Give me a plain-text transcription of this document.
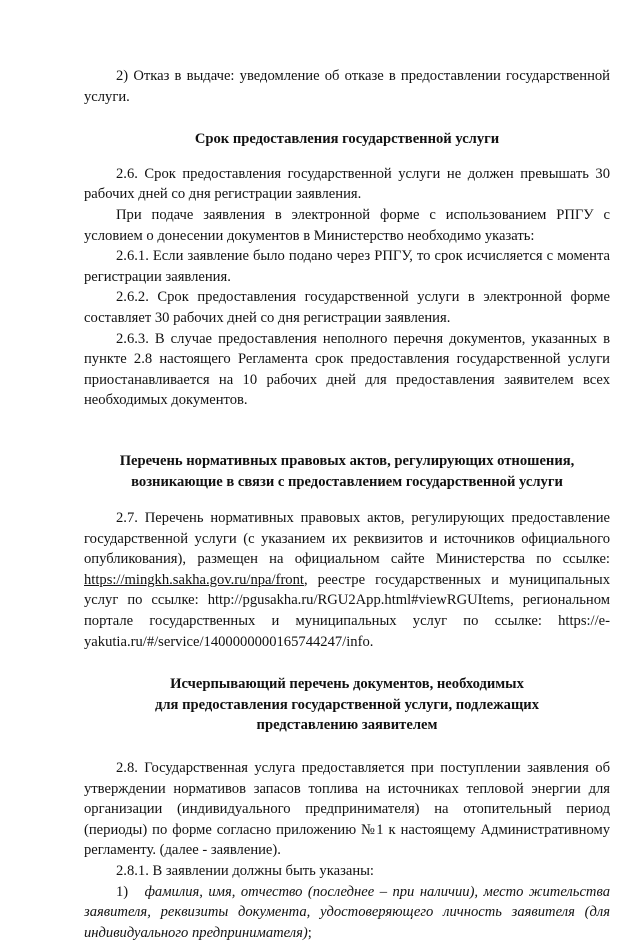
2) Отказ в выдаче: уведомление об отказе в предоставлении государственной услуги.

Срок предоставления государственной услуги

2.6. Срок предоставления государственной услуги не должен превышать 30 рабочих дней со дня регистрации заявления.

При подаче заявления в электронной форме с использованием РПГУ с условием о донесении документов в Министерство необходимо указать:

2.6.1. Если заявление было подано через РПГУ, то срок исчисляется с момента регистрации заявления.

2.6.2. Срок предоставления государственной услуги в электронной форме составляет 30 рабочих дней со дня регистрации заявления.

2.6.3. В случае предоставления неполного перечня документов, указанных в пункте 2.8 настоящего Регламента срок предоставления государственной услуги приостанавливается на 10 рабочих дней для предоставления заявителем всех необходимых документов.

Перечень нормативных правовых актов, регулирующих отношения,
возникающие в связи с предоставлением государственной услуги

2.7. Перечень нормативных правовых актов, регулирующих предоставление государственной услуги (с указанием их реквизитов и источников официального опубликования), размещен на официальном сайте Министерства по ссылке: https://mingkh.sakha.gov.ru/npa/front, реестре государственных и муниципальных услуг по ссылке: http://pgusakha.ru/RGU2App.html#viewRGUItems, региональном портале государственных и муниципальных услуг по ссылке: https://e-yakutia.ru/#/service/1400000000165744247/info.

Исчерпывающий перечень документов, необходимых
для предоставления государственной услуги, подлежащих
представлению заявителем

2.8. Государственная услуга предоставляется при поступлении заявления об утверждении нормативов запасов топлива на источниках тепловой энергии для организации (индивидуального предпринимателя) на отопительный период (периоды) по форме согласно приложению №1 к настоящему Административному регламенту. (далее - заявление).

2.8.1. В заявлении должны быть указаны:

1) фамилия, имя, отчество (последнее – при наличии), место жительства заявителя, реквизиты документа, удостоверяющего личность заявителя (для индивидуального предпринимателя);
